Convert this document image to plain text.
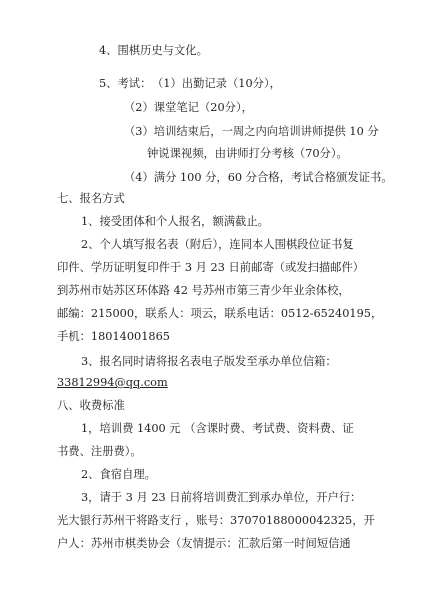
4、围棋历史与文化。
5、考试： （1）出勤记录（10分），
（2）课堂笔记（20分），
（3）培训结束后，一周之内向培训讲师提供 10 分
钟说课视频，由讲师打分考核（70分）。
（4）满分 100 分，60 分合格，考试合格颁发证书。
七、报名方式
1、接受团体和个人报名，额满截止。
2、个人填写报名表（附后），连同本人围棋段位证书复
印件、学历证明复印件于 3 月 23 日前邮寄（或发扫描邮件）
到苏州市姑苏区环体路 42 号苏州市第三青少年业余体校，
邮编：215000，联系人：项云，联系电话：0512-65240195，
手机：18014001865
3、报名同时请将报名表电子版发至承办单位信箱：
33812994@qq.com
八、收费标准
1，培训费 1400 元 （含课时费、考试费、资料费、证
书费、注册费）。
2、食宿自理。
3，请于 3 月 23 日前将培训费汇到承办单位，开户行：
光大银行苏州干将路支行 ，账号：37070188000042325，开
户人：苏州市棋类协会（友情提示：汇款后第一时间短信通
